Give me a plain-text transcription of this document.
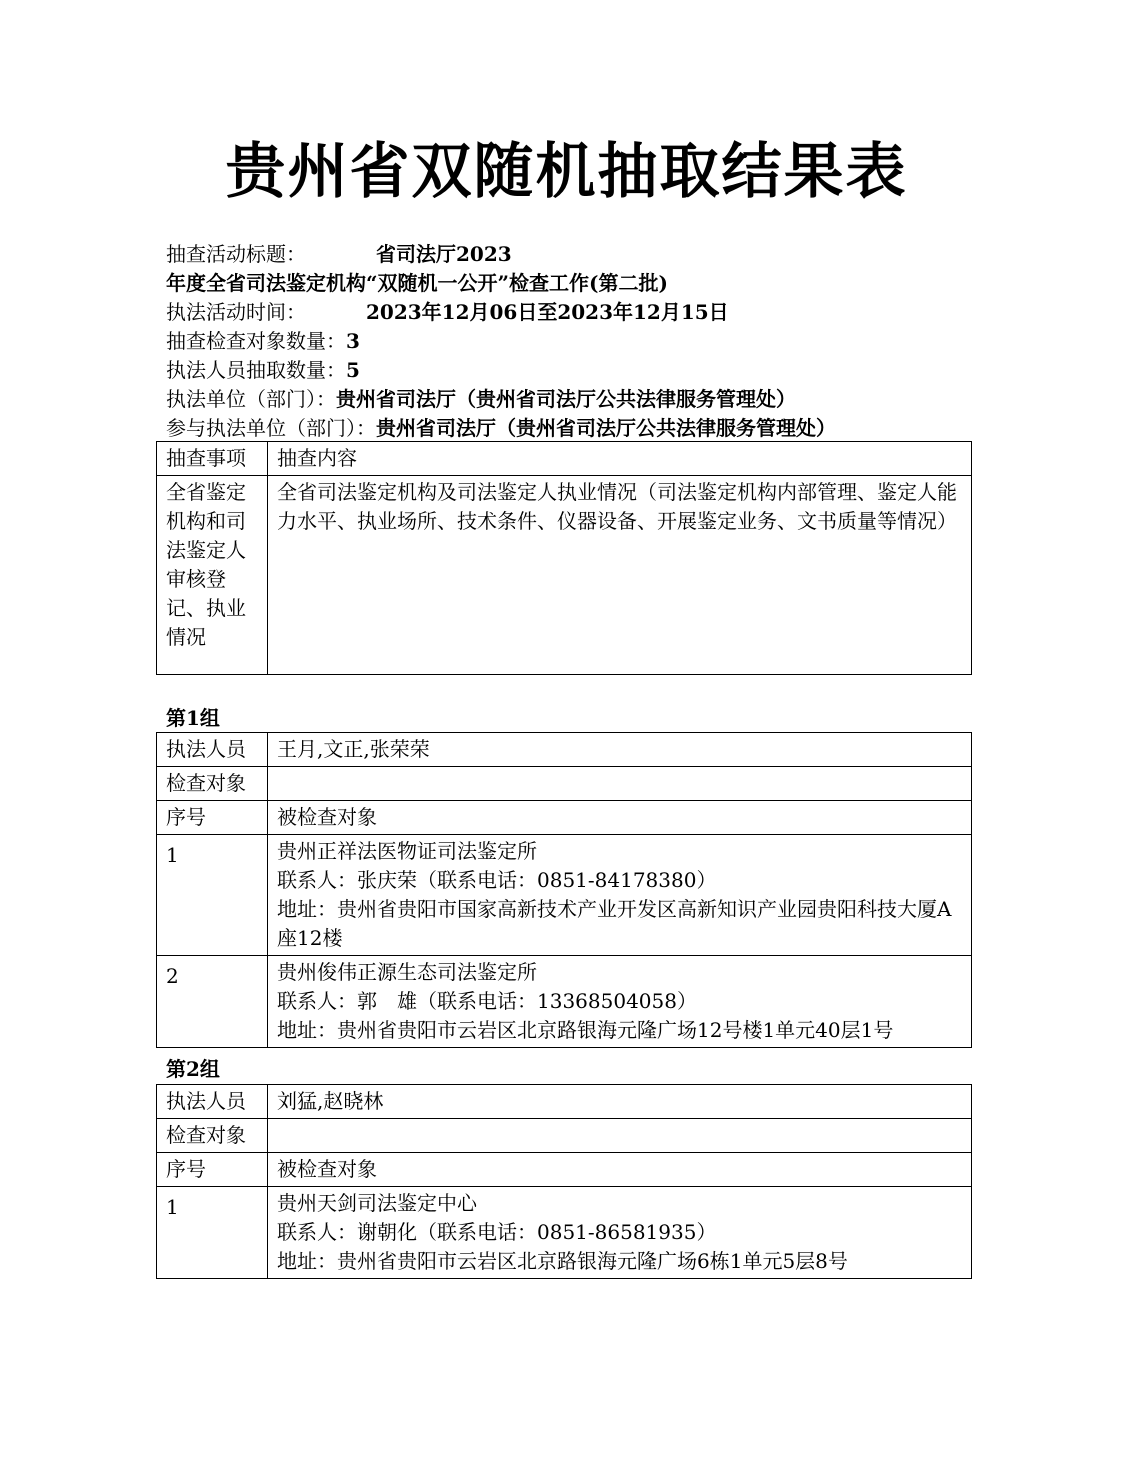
贵州省双随机抽取结果表
抽查活动标题：	省司法厅2023
年度全省司法鉴定机构“双随机一公开”检查工作(第二批)
执法活动时间：	2023年12月06日至2023年12月15日
抽查检查对象数量：3
执法人员抽取数量：5
执法单位（部门）：贵州省司法厅（贵州省司法厅公共法律服务管理处）
参与执法单位（部门）：贵州省司法厅（贵州省司法厅公共法律服务管理处）
抽查事项	抽查内容
全省鉴定机构和司法鉴定人审核登记、执业情况	全省司法鉴定机构及司法鉴定人执业情况（司法鉴定机构内部管理、鉴定人能力水平、执业场所、技术条件、仪器设备、开展鉴定业务、文书质量等情况）
第1组
执法人员	王月,文正,张荣荣
检查对象	
序号	被检查对象
1	贵州正祥法医物证司法鉴定所
联系人：张庆荣（联系电话：0851-84178380）
地址：贵州省贵阳市国家高新技术产业开发区高新知识产业园贵阳科技大厦A座12楼

2	贵州俊伟正源生态司法鉴定所
联系人：郭　雄（联系电话：13368504058）
地址：贵州省贵阳市云岩区北京路银海元隆广场12号楼1单元40层1号
第2组
执法人员	刘猛,赵晓林
检查对象	
序号	被检查对象
1	贵州天剑司法鉴定中心
联系人：谢朝化（联系电话：0851-86581935）
地址：贵州省贵阳市云岩区北京路银海元隆广场6栋1单元5层8号
